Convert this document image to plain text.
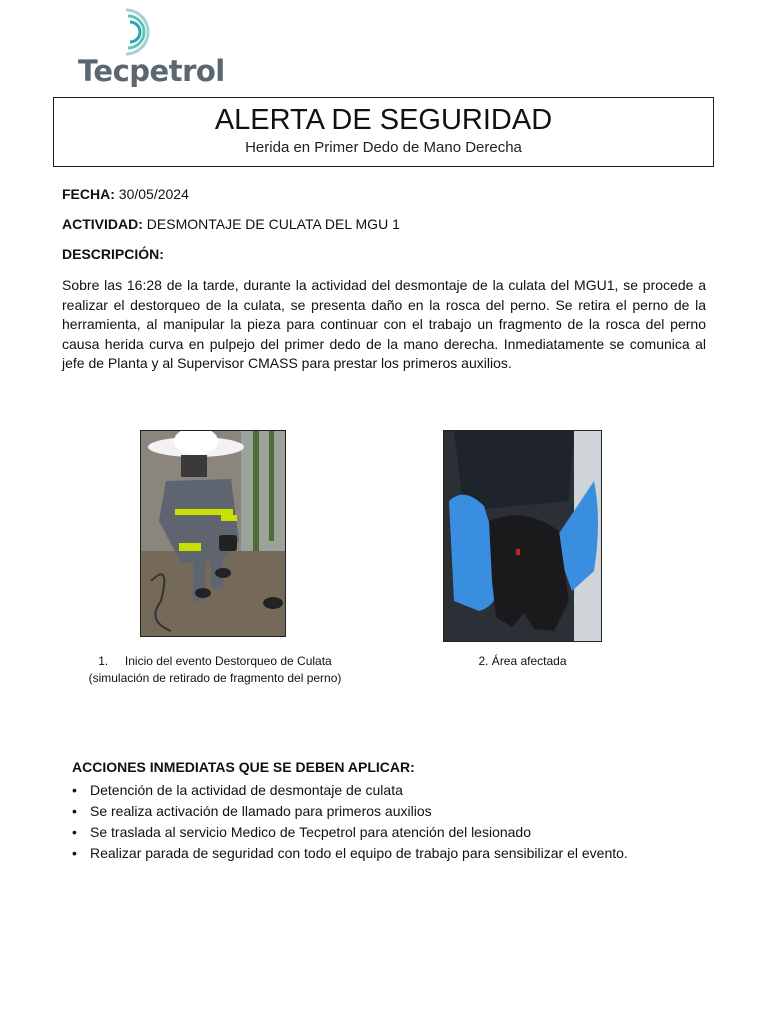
Tecpetrol
ALERTA DE SEGURIDAD
Herida en Primer Dedo de Mano Derecha
FECHA: 30/05/2024
ACTIVIDAD: DESMONTAJE DE CULATA DEL MGU 1
DESCRIPCIÓN:
Sobre las 16:28 de la tarde, durante la actividad del desmontaje de la culata del MGU1, se procede a realizar el destorqueo de la culata, se presenta daño en la rosca del perno. Se retira el perno de la herramienta, al manipular la pieza para continuar con el trabajo un fragmento de la rosca del perno causa herida curva en pulpejo del primer dedo de la mano derecha. Inmediatamente se comunica al jefe de Planta y al Supervisor CMASS para prestar los primeros auxilios.
1.     Inicio del evento Destorqueo de Culata
(simulación de retirado de fragmento del perno)
2. Área afectada
ACCIONES INMEDIATAS QUE SE DEBEN APLICAR:
• Detención de la actividad de desmontaje de culata
• Se realiza activación de llamado para primeros auxilios
• Se traslada al servicio Medico de Tecpetrol para atención del lesionado
• Realizar parada de seguridad con todo el equipo de trabajo para sensibilizar el evento.
